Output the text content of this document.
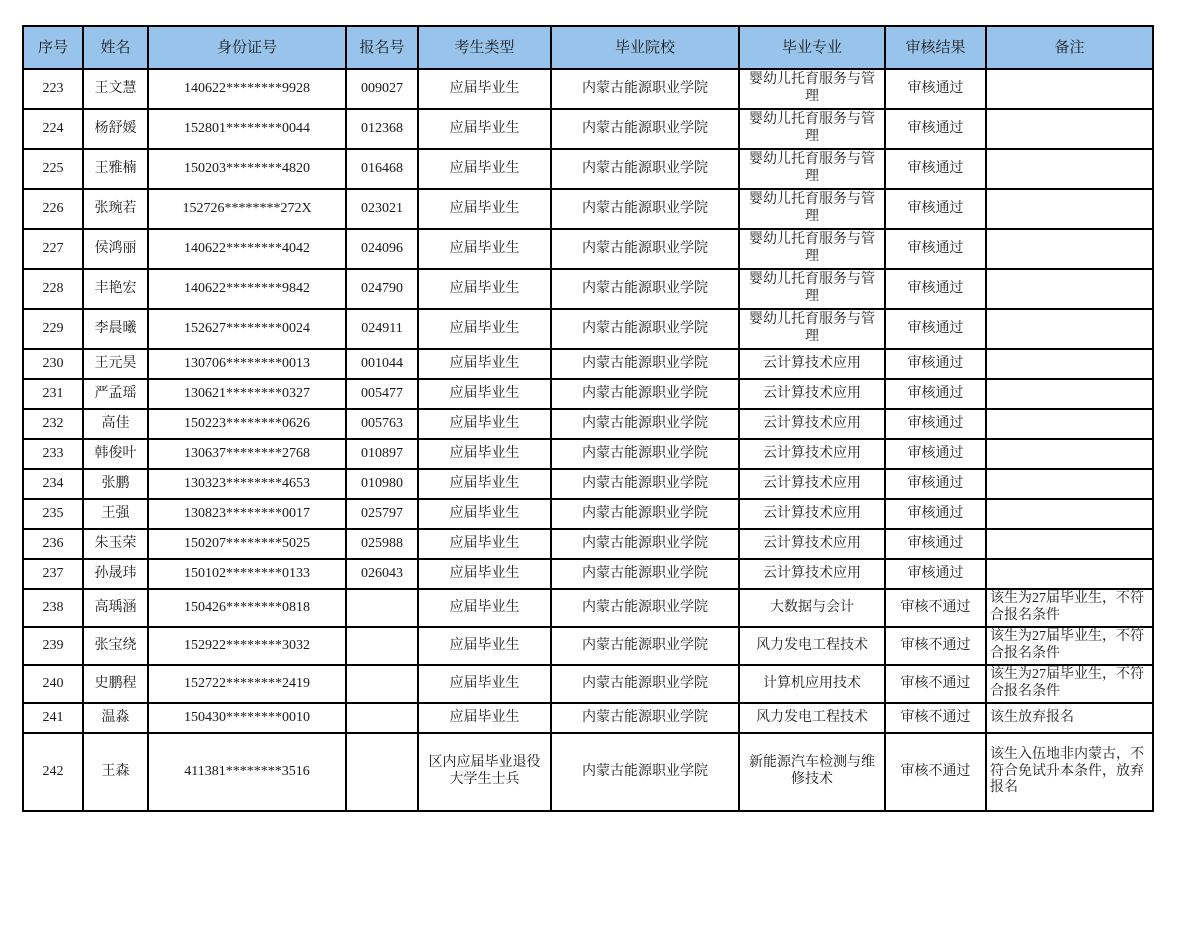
序号	姓名	身份证号	报名号	考生类型	毕业院校	毕业专业	审核结果	备注
223	王文慧	140622********9928	009027	应届毕业生	内蒙古能源职业学院	婴幼儿托育服务与管理	审核通过	
224	杨舒媛	152801********0044	012368	应届毕业生	内蒙古能源职业学院	婴幼儿托育服务与管理	审核通过	
225	王雅楠	150203********4820	016468	应届毕业生	内蒙古能源职业学院	婴幼儿托育服务与管理	审核通过	
226	张琬若	152726********272X	023021	应届毕业生	内蒙古能源职业学院	婴幼儿托育服务与管理	审核通过	
227	侯鸿丽	140622********4042	024096	应届毕业生	内蒙古能源职业学院	婴幼儿托育服务与管理	审核通过	
228	丰艳宏	140622********9842	024790	应届毕业生	内蒙古能源职业学院	婴幼儿托育服务与管理	审核通过	
229	李晨曦	152627********0024	024911	应届毕业生	内蒙古能源职业学院	婴幼儿托育服务与管理	审核通过	
230	王元昊	130706********0013	001044	应届毕业生	内蒙古能源职业学院	云计算技术应用	审核通过	
231	严孟瑶	130621********0327	005477	应届毕业生	内蒙古能源职业学院	云计算技术应用	审核通过	
232	高佳	150223********0626	005763	应届毕业生	内蒙古能源职业学院	云计算技术应用	审核通过	
233	韩俊叶	130637********2768	010897	应届毕业生	内蒙古能源职业学院	云计算技术应用	审核通过	
234	张鹏	130323********4653	010980	应届毕业生	内蒙古能源职业学院	云计算技术应用	审核通过	
235	王强	130823********0017	025797	应届毕业生	内蒙古能源职业学院	云计算技术应用	审核通过	
236	朱玉荣	150207********5025	025988	应届毕业生	内蒙古能源职业学院	云计算技术应用	审核通过	
237	孙晟玮	150102********0133	026043	应届毕业生	内蒙古能源职业学院	云计算技术应用	审核通过	
238	高瑀涵	150426********0818		应届毕业生	内蒙古能源职业学院	大数据与会计	审核不通过	该生为27届毕业生，不符合报名条件
239	张宝绕	152922********3032		应届毕业生	内蒙古能源职业学院	风力发电工程技术	审核不通过	该生为27届毕业生，不符合报名条件
240	史鹏程	152722********2419		应届毕业生	内蒙古能源职业学院	计算机应用技术	审核不通过	该生为27届毕业生，不符合报名条件
241	温淼	150430********0010		应届毕业生	内蒙古能源职业学院	风力发电工程技术	审核不通过	该生放弃报名
242	王森	411381********3516		区内应届毕业退役大学生士兵	内蒙古能源职业学院	新能源汽车检测与维修技术	审核不通过	该生入伍地非内蒙古，不符合免试升本条件，放弃报名
